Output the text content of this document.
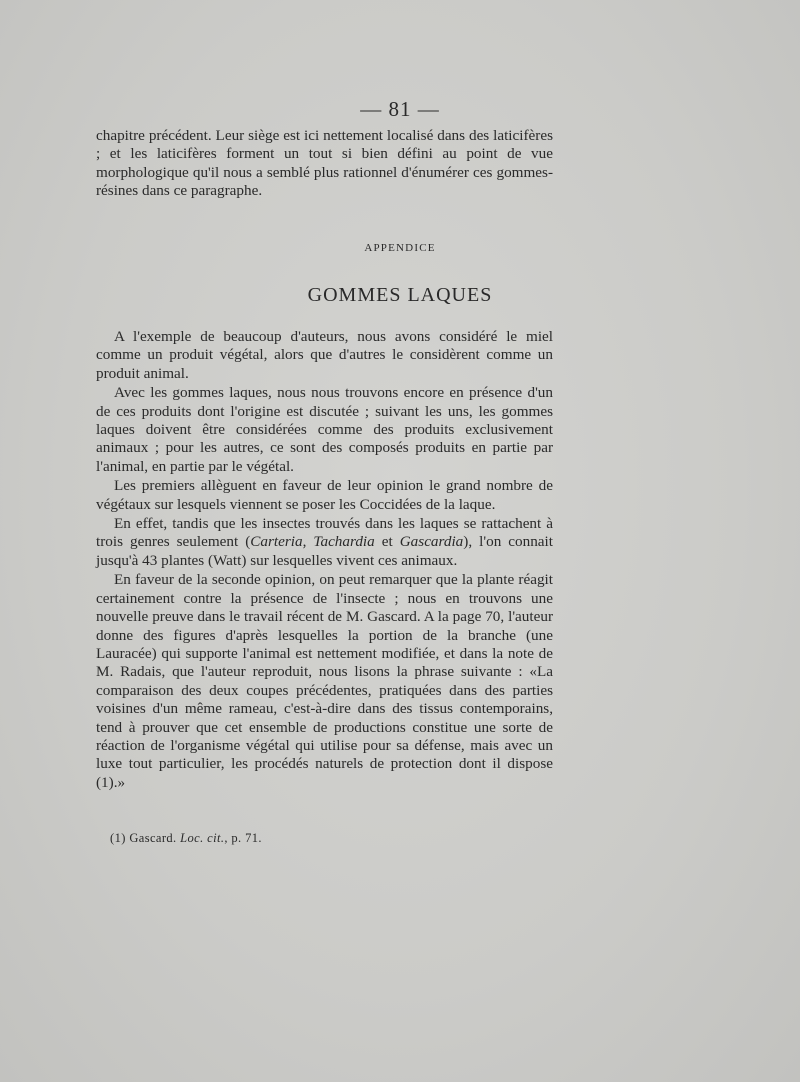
— 81 —

chapitre précédent. Leur siège est ici nettement localisé dans des laticifères ; et les laticifères forment un tout si bien défini au point de vue morphologique qu'il nous a semblé plus rationnel d'énumérer ces gommes-résines dans ce paragraphe.

APPENDICE
GOMMES LAQUES

A l'exemple de beaucoup d'auteurs, nous avons considéré le miel comme un produit végétal, alors que d'autres le considèrent comme un produit animal.

Avec les gommes laques, nous nous trouvons encore en présence d'un de ces produits dont l'origine est discutée ; suivant les uns, les gommes laques doivent être considérées comme des produits exclusivement animaux ; pour les autres, ce sont des composés produits en partie par l'animal, en partie par le végétal.

Les premiers allèguent en faveur de leur opinion le grand nombre de végétaux sur lesquels viennent se poser les Coccidées de la laque.

En effet, tandis que les insectes trouvés dans les laques se rattachent à trois genres seulement (Carteria, Tachardia et Gascardia), l'on connait jusqu'à 43 plantes (Watt) sur lesquelles vivent ces animaux.

En faveur de la seconde opinion, on peut remarquer que la plante réagit certainement contre la présence de l'insecte ; nous en trouvons une nouvelle preuve dans le travail récent de M. Gascard. A la page 70, l'auteur donne des figures d'après lesquelles la portion de la branche (une Lauracée) qui supporte l'animal est nettement modifiée, et dans la note de M. Radais, que l'auteur reproduit, nous lisons la phrase suivante : «La comparaison des deux coupes précédentes, pratiquées dans des parties voisines d'un même rameau, c'est-à-dire dans des tissus contemporains, tend à prouver que cet ensemble de productions constitue une sorte de réaction de l'organisme végétal qui utilise pour sa défense, mais avec un luxe tout particulier, les procédés naturels de protection dont il dispose (1).»

(1) Gascard. Loc. cit., p. 71.
